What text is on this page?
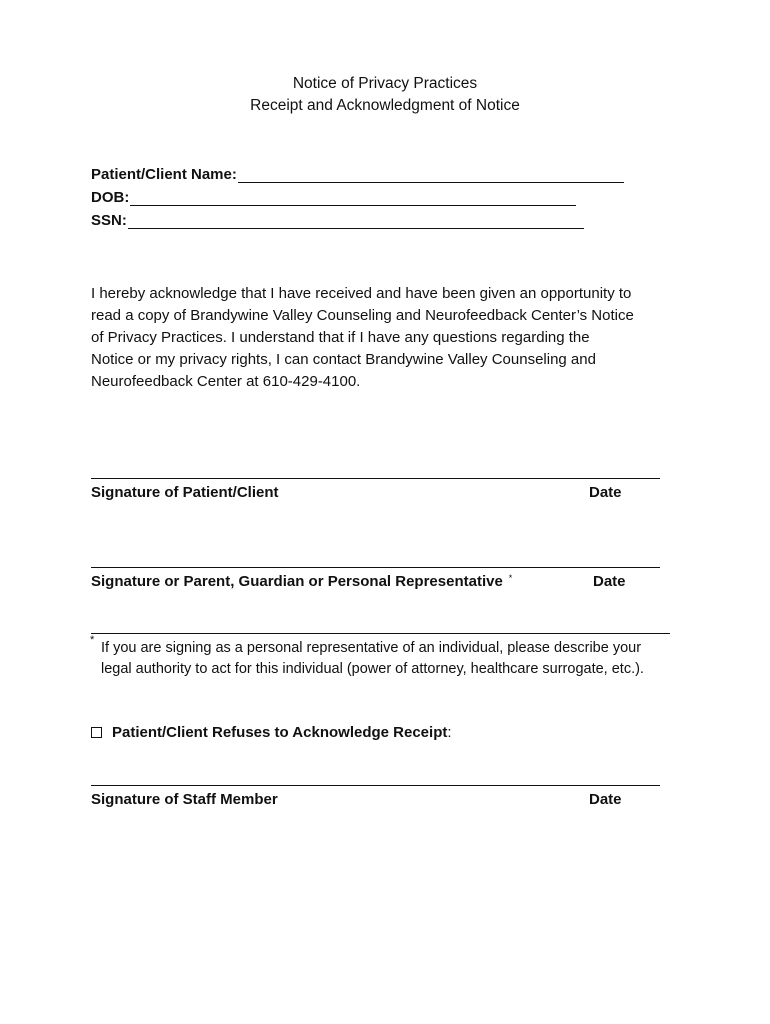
Notice of Privacy Practices
Receipt and Acknowledgment of Notice
Patient/Client Name:
DOB:
SSN:
I hereby acknowledge that I have received and have been given an opportunity to
read a copy of Brandywine Valley Counseling and Neurofeedback Center’s Notice
of Privacy Practices. I understand that if I have any questions regarding the
Notice or my privacy rights, I can contact Brandywine Valley Counseling and
Neurofeedback Center at 610-429-4100.
Signature of Patient/Client	Date
Signature or Parent, Guardian or Personal Representative *	Date
* If you are signing as a personal representative of an individual, please describe your
legal authority to act for this individual (power of attorney, healthcare surrogate, etc.).
Patient/Client Refuses to Acknowledge Receipt :
Signature of Staff Member	Date
